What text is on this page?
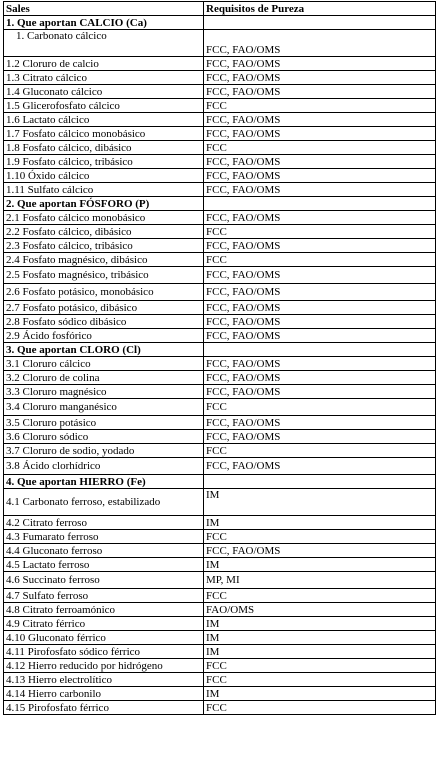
Sales	Requisitos de Pureza
1. Que aportan CALCIO (Ca)	
1. Carbonato cálcico	FCC, FAO/OMS
1.2 Cloruro de calcio	FCC, FAO/OMS
1.3 Citrato cálcico	FCC, FAO/OMS
1.4 Gluconato cálcico	FCC, FAO/OMS
1.5 Glicerofosfato cálcico	FCC
1.6 Lactato cálcico	FCC, FAO/OMS
1.7 Fosfato cálcico monobásico	FCC, FAO/OMS
1.8 Fosfato cálcico, dibásico	FCC
1.9 Fosfato cálcico, tribásico	FCC, FAO/OMS
1.10 Óxido cálcico	FCC, FAO/OMS
1.11 Sulfato cálcico	FCC, FAO/OMS
2. Que aportan FÓSFORO (P)	
2.1 Fosfato cálcico monobásico	FCC, FAO/OMS
2.2 Fosfato cálcico, dibásico	FCC
2.3 Fosfato cálcico, tribásico	FCC, FAO/OMS
2.4 Fosfato magnésico, dibásico	FCC
2.5 Fosfato magnésico, tribásico	FCC, FAO/OMS
2.6 Fosfato potásico, monobásico	FCC, FAO/OMS
2.7 Fosfato potásico, dibásico	FCC, FAO/OMS
2.8 Fosfato sódico dibásico	FCC, FAO/OMS
2.9 Ácido fosfórico	FCC, FAO/OMS
3. Que aportan CLORO (Cl)	
3.1 Cloruro cálcico	FCC, FAO/OMS
3.2 Cloruro de colina	FCC, FAO/OMS
3.3 Cloruro magnésico	FCC, FAO/OMS
3.4 Cloruro manganésico	FCC
3.5 Cloruro potásico	FCC, FAO/OMS
3.6 Cloruro sódico	FCC, FAO/OMS
3.7 Cloruro de sodio, yodado	FCC
3.8 Ácido clorhídrico	FCC, FAO/OMS
4. Que aportan HIERRO (Fe)	
4.1 Carbonato ferroso, estabilizado	IM
4.2 Citrato ferroso	IM
4.3 Fumarato ferroso	FCC
4.4 Gluconato ferroso	FCC, FAO/OMS
4.5 Lactato ferroso	IM
4.6 Succinato ferroso	MP, MI
4.7 Sulfato ferroso	FCC
4.8 Citrato ferroamónico	FAO/OMS
4.9 Citrato férrico	IM
4.10 Gluconato férrico	IM
4.11 Pirofosfato sódico férrico	IM
4.12 Hierro reducido por hidrógeno	FCC
4.13 Hierro electrolítico	FCC
4.14 Hierro carbonilo	IM
4.15 Pirofosfato férrico	FCC
